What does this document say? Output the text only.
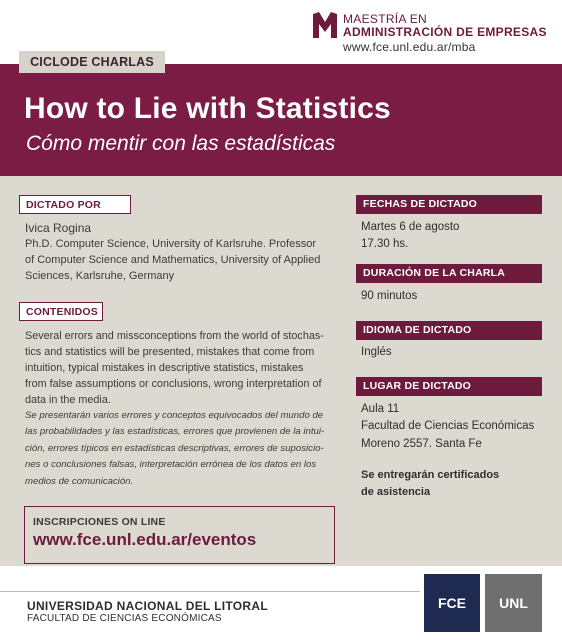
MAESTRÍA EN
ADMINISTRACIÓN DE EMPRESAS
www.fce.unl.edu.ar/mba
CICLODE CHARLAS
How to Lie with Statistics
Cómo mentir con las estadísticas
DICTADO POR
Ivica Rogina
Ph.D. Computer Science, University of Karlsruhe. Professor
of Computer Science and Mathematics, University of Applied
Sciences, Karlsruhe, Germany
CONTENIDOS
Several errors and missconceptions from the world of stochas-
tics and statistics will be presented, mistakes that come from
intuition, typical mistakes in descriptive statistics, mistakes
from false assumptions or conclusions, wrong interpretation of
data in the media.
Se presentarán varios errores y conceptos equivocados del mundo de
las probabilidades y las estadísticas, errores que provienen de la intui-
ción, errores típicos en estadísticas descriptivas, errores de suposicio-
nes o conclusiones falsas, interpretación errónea de los datos en los
medios de comunicación.
INSCRIPCIONES ON LINE
www.fce.unl.edu.ar/eventos
FECHAS DE DICTADO
Martes 6 de agosto
17.30 hs.
DURACIÓN DE LA CHARLA
90 minutos
IDIOMA DE DICTADO
Inglés
LUGAR DE DICTADO
Aula 11
Facultad de Ciencias Económicas
Moreno 2557. Santa Fe
Se entregarán certificados
de asistencia
UNIVERSIDAD NACIONAL DEL LITORAL
FACULTAD DE CIENCIAS ECONÓMICAS
FCE	UNL
